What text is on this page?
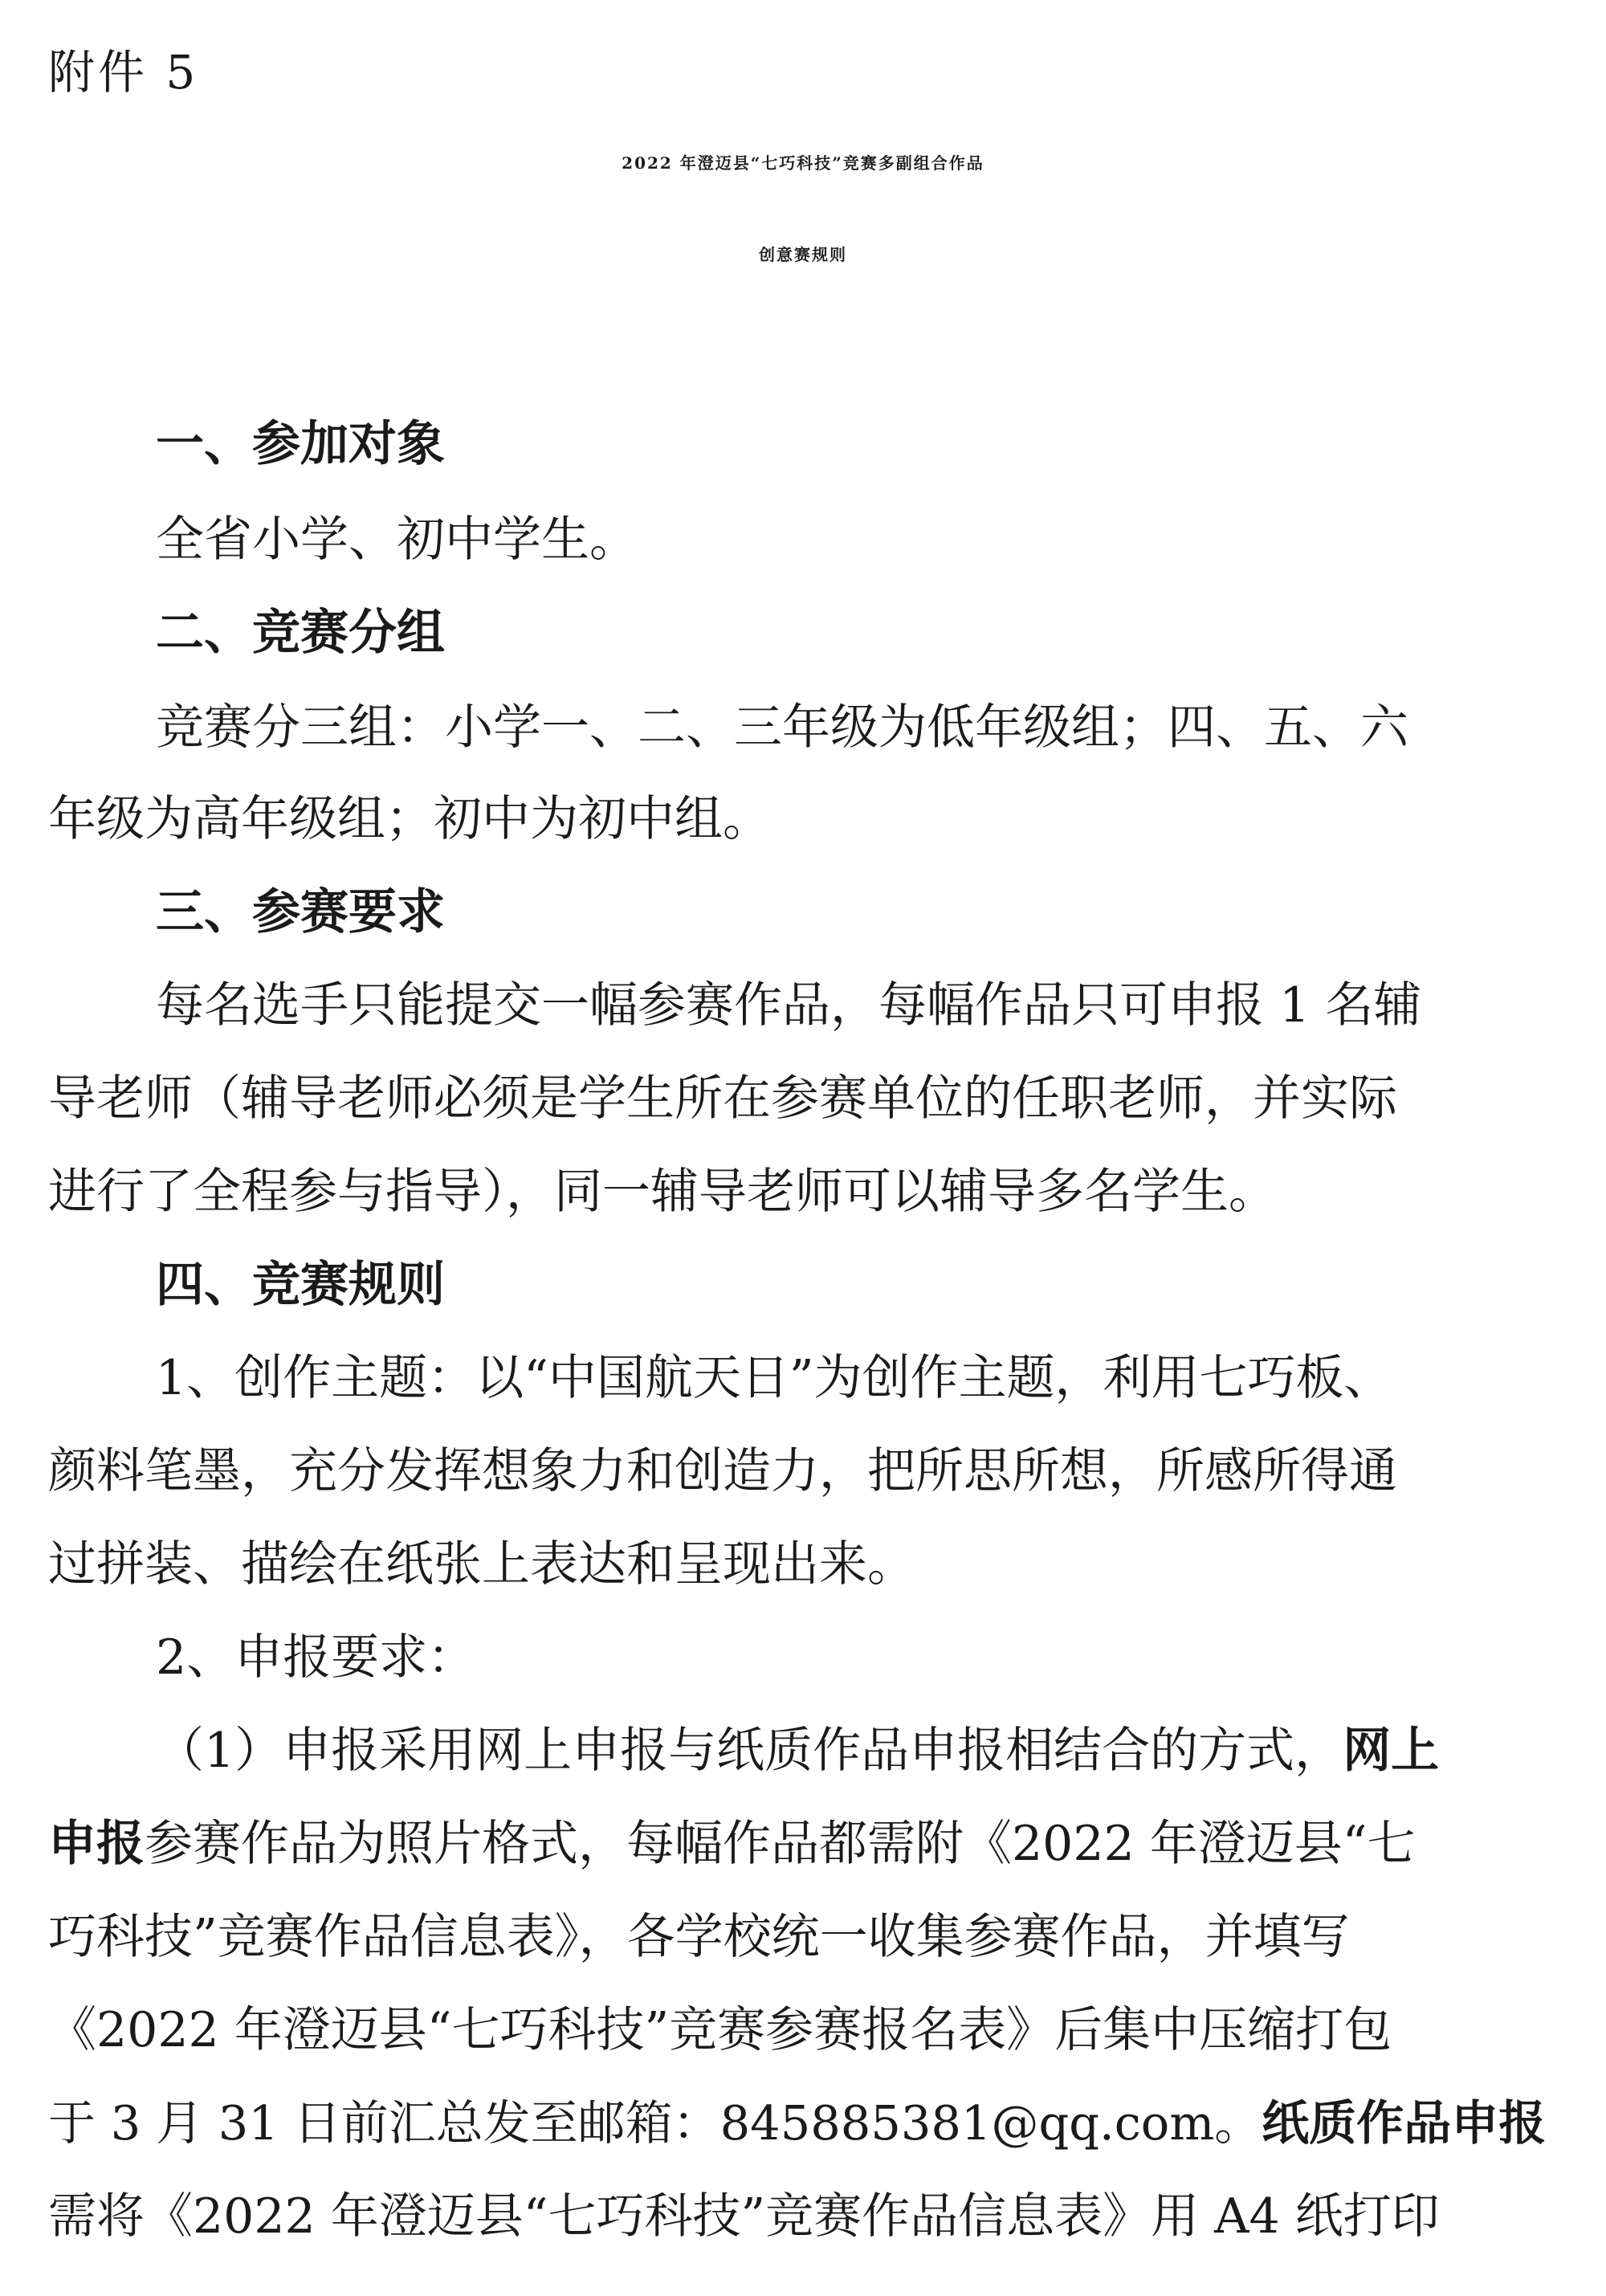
附件 5
2022 年澄迈县“七巧科技”竞赛多副组合作品
创意赛规则
一、参加对象
全省小学、初中学生。
二、竞赛分组
竞赛分三组：小学一、二、三年级为低年级组；四、五、六
年级为高年级组；初中为初中组。
三、参赛要求
每名选手只能提交一幅参赛作品，每幅作品只可申报 1 名辅
导老师（辅导老师必须是学生所在参赛单位的任职老师，并实际
进行了全程参与指导），同一辅导老师可以辅导多名学生。
四、竞赛规则
1、创作主题：以“中国航天日”为创作主题，利用七巧板、
颜料笔墨，充分发挥想象力和创造力，把所思所想，所感所得通
过拼装、描绘在纸张上表达和呈现出来。
2、申报要求：
（1）申报采用网上申报与纸质作品申报相结合的方式，网上
申报参赛作品为照片格式，每幅作品都需附《2022 年澄迈县“七
巧科技”竞赛作品信息表》，各学校统一收集参赛作品，并填写
《2022 年澄迈县“七巧科技”竞赛参赛报名表》后集中压缩打包
于 3 月 31 日前汇总发至邮箱：845885381@qq.com。纸质作品申报
需将《2022 年澄迈县“七巧科技”竞赛作品信息表》用 A4 纸打印
